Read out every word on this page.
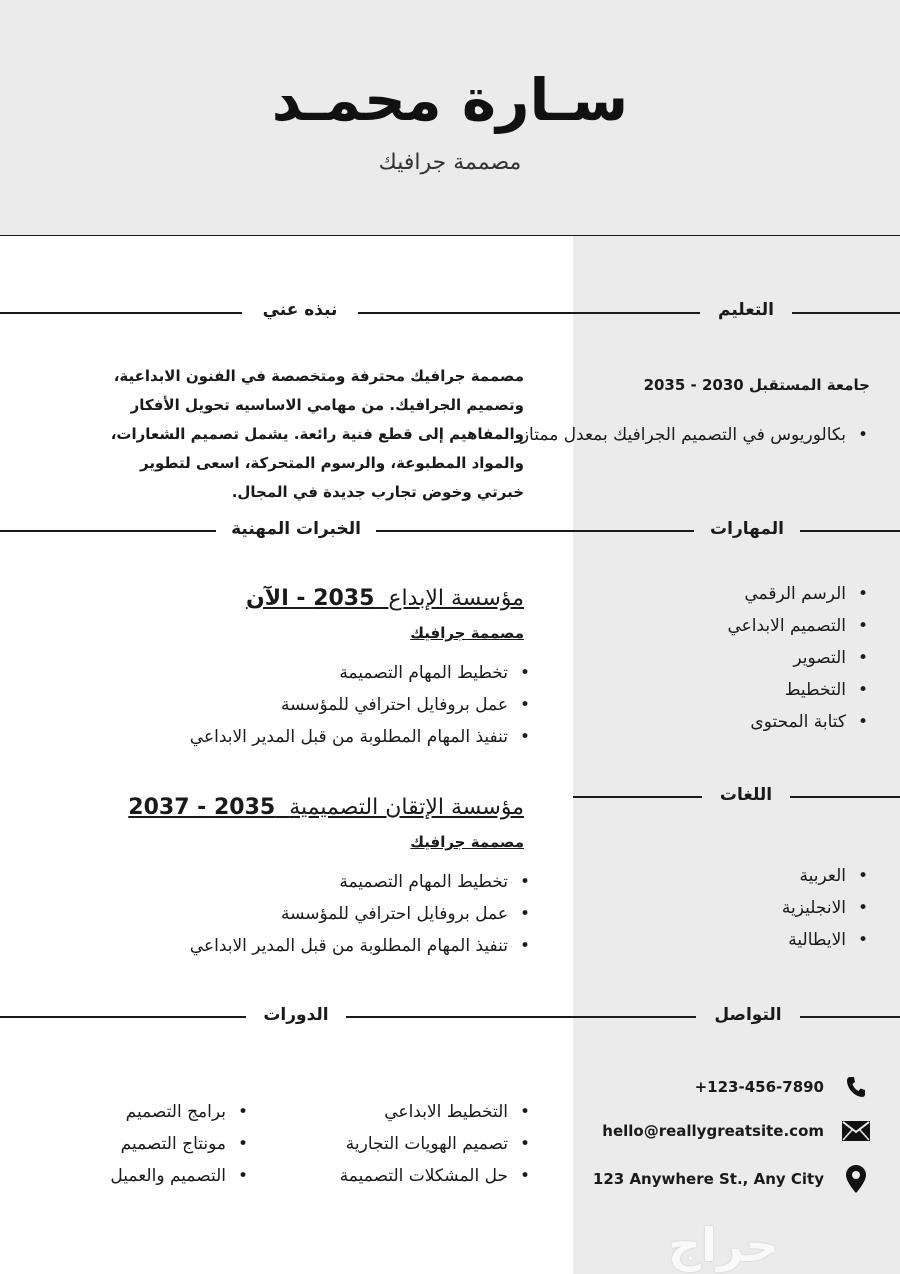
سـارة محمـد
مصممة جرافيك
نبذه عني	التعليم
الخبرات المهنية	المهارات
اللغات
الدورات	التواصل
مصممة جرافيك محترفة ومتخصصة في الفنون الابداعية، وتصميم الجرافيك. من مهامي الاساسيه تحويل الأفكار والمفاهيم إلى قطع فنية رائعة. يشمل تصميم الشعارات، والمواد المطبوعة، والرسوم المتحركة، اسعى لتطوير خبرتي وخوض تجارب جديدة في المجال.
جامعة المستقبل 2030 - 2035
• بكالوريوس في التصميم الجرافيك بمعدل ممتاز
مؤسسة الإبداع  2035 - الآن
مصممة جرافيك
• تخطيط المهام التصميمة
• عمل بروفايل احترافي للمؤسسة
• تنفيذ المهام المطلوبة من قبل المدير الابداعي
مؤسسة الإتقان التصميمية  2035 - 2037
مصممة جرافيك
• تخطيط المهام التصميمة
• عمل بروفايل احترافي للمؤسسة
• تنفيذ المهام المطلوبة من قبل المدير الابداعي
• الرسم الرقمي
• التصميم الابداعي
• التصوير
• التخطيط
• كتابة المحتوى
• العربية
• الانجليزية
• الايطالية
• التخطيط الابداعي
• تصميم الهويات التجارية
• حل المشكلات التصميمة
• برامج التصميم
• مونتاج التصميم
• التصميم والعميل
+123-456-7890
hello@reallygreatsite.com
123 Anywhere St., Any City
حراج
